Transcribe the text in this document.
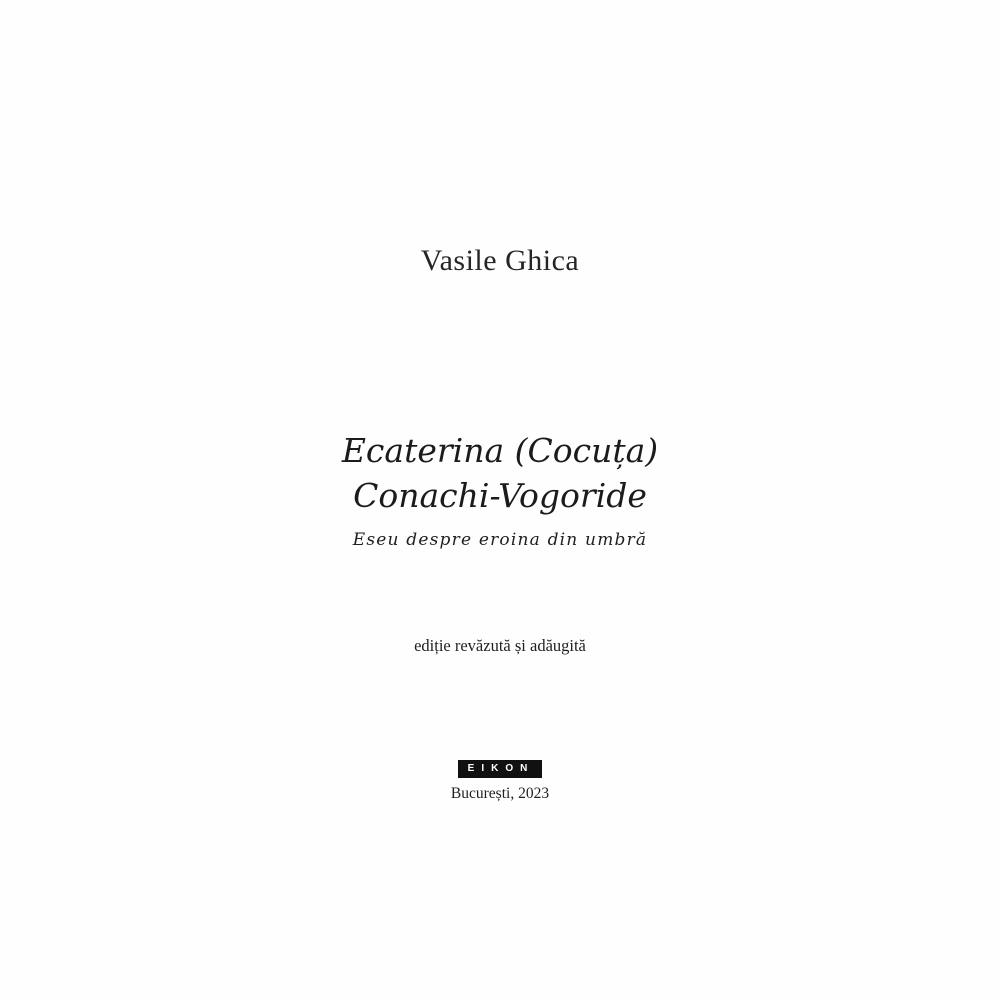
Vasile Ghica
Ecaterina (Cocuța)
Conachi-Vogoride
Eseu despre eroina din umbră
ediție revăzută și adăugită
E I K O N
București, 2023
